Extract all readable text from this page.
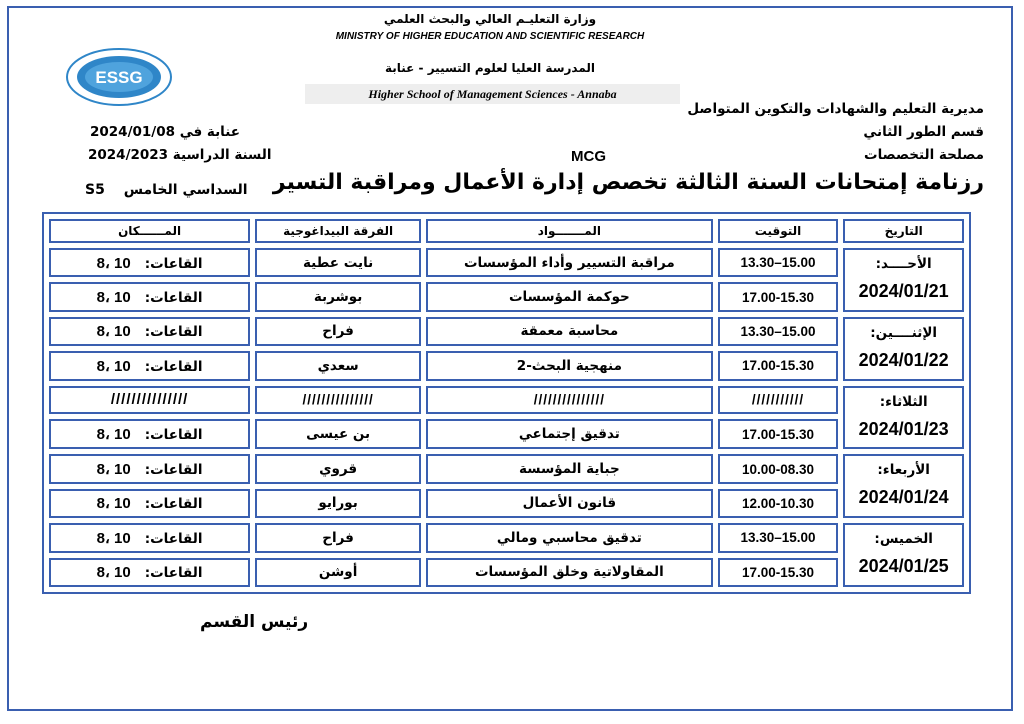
ESSG
وزارة التعليـم العالي والبحث العلمي
MINISTRY OF HIGHER EDUCATION AND SCIENTIFIC RESEARCH
المدرسة العليا لعلوم التسيير - عنابة
Higher School of Management Sciences - Annaba
مديرية التعليم والشهادات والتكوين المتواصل
قسم الطور الثاني
مصلحة التخصصات
عنابة في 2024/01/08
السنة الدراسية 2024/2023	MCG
رزنامة إمتحانات السنة الثالثة تخصص إدارة الأعمال ومراقبة التسير
S5 السداسي الخامس
التاريخ	التوقيت	المـــــــواد	الفرقة البيداغوجية	المــــــكان

الأحــــد:
2024/01/21	15.00–13.30	مراقبة التسيير وأداء المؤسسات	نايت عطية	القاعات:10 ،8
	17.00-15.30	حوكمة المؤسسات	بوشربة	القاعات:10 ،8

الإثنــــين:
2024/01/22	15.00–13.30	محاسبة معمقة	فراح	القاعات:10 ،8
	17.00-15.30	منهجية البحث-2	سعدي	القاعات:10 ،8

الثلاثاء:
2024/01/23	///////////	///////////////	///////////////	///////////////
	17.00-15.30	تدقيق إجتماعي	بن عيسى	القاعات:10 ،8

الأربعاء:
2024/01/24	10.00-08.30	جباية المؤسسة	قروي	القاعات:10 ،8
	12.00-10.30	قانون الأعمال	بورايو	القاعات:10 ،8

الخميس:
2024/01/25	15.00–13.30	تدقيق محاسبي ومالي	فراح	القاعات:10 ،8
	17.00-15.30	المقاولاتية وخلق المؤسسات	أوشن	القاعات:10 ،8
رئيس القسم
